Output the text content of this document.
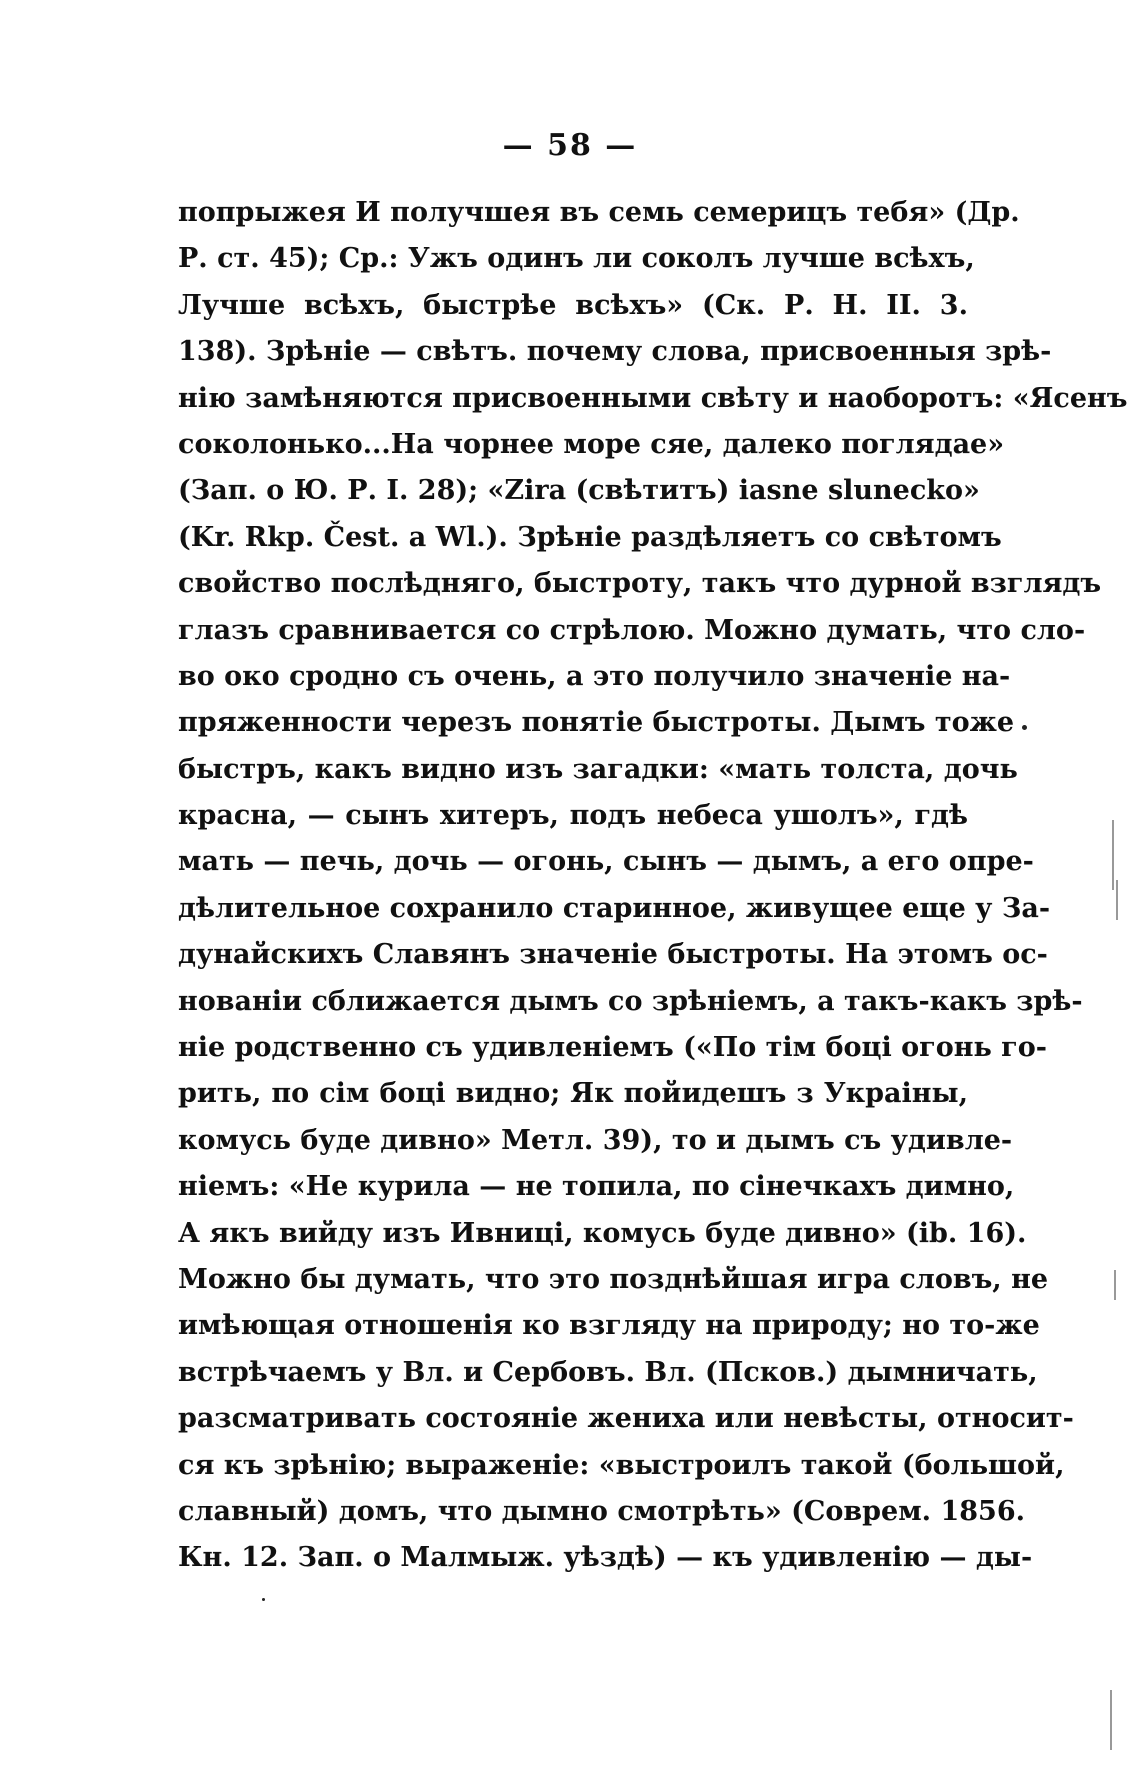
— 58 —
попрыжея И получшея въ семь семерицъ тебя» (Др.
Р. ст. 45); Ср.: Ужъ одинъ ли соколъ лучше всѣхъ,
Лучше всѣхъ, быстрѣе всѣхъ» (Ск. Р. Н. II. 3.
138). Зрѣніе — свѣтъ. почему слова, присвоенныя зрѣ-
нію замѣняются присвоенными свѣту и наоборотъ: «Ясенъ
соколонько...На чорнее море сяе, далеко поглядае»
(Зап. о Ю. Р. I. 28); «Zira (свѣтитъ) iasne slunecko»
(Kr. Rkp. Čest. a Wl.). Зрѣніе раздѣляетъ со свѣтомъ
свойство послѣдняго, быстроту, такъ что дурной взглядъ
глазъ сравнивается со стрѣлою. Можно думать, что сло-
во око сродно съ очень, а это получило значеніе на-
пряженности черезъ понятіе быстроты. Дымъ тоже
быстръ, какъ видно изъ загадки: «мать толста, дочь
красна, — сынъ хитеръ, подъ небеса ушолъ», гдѣ
мать — печь, дочь — огонь, сынъ — дымъ, а его опре-
дѣлительное сохранило старинное, живущее еще у За-
дунайскихъ Славянъ значеніе быстроты. На этомъ ос-
нованіи сближается дымъ со зрѣніемъ, а такъ-какъ зрѣ-
ніе родственно съ удивленіемъ («По тім боці огонь го-
рить, по сім боці видно; Як пойидешъ з Украіны,
комусь буде дивно» Метл. 39), то и дымъ съ удивле-
ніемъ: «Не курила — не топила, по сінечкахъ димно,
А якъ вийду изъ Ивниці, комусь буде дивно» (ib. 16).
Можно бы думать, что это позднѣйшая игра словъ, не
имѣющая отношенія ко взгляду на природу; но то-же
встрѣчаемъ у Вл. и Сербовъ. Вл. (Псков.) дымничать,
разсматривать состояніе жениха или невѣсты, относит-
ся къ зрѣнію; выраженіе: «выстроилъ такой (большой,
славный) домъ, что дымно смотрѣть» (Соврем. 1856.
Кн. 12. Зап. о Малмыж. уѣздѣ) — къ удивленію — ды-
